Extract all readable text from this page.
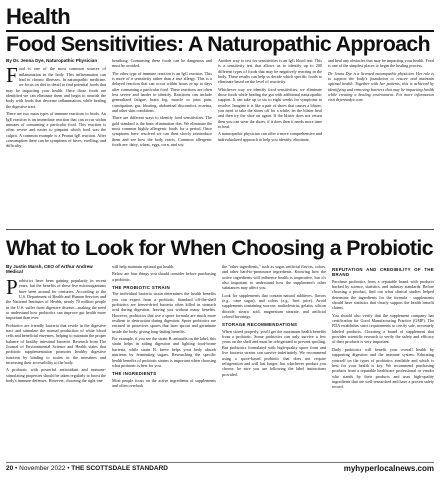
Health
Food Sensitivities: A Naturopathic Approach
By Dr. Jenna Dye, Naturopathic Physician

Food is one of the most common sources of inflammation in the body. This inflammation can lead to chronic illnesses. In naturopathic medicine, we focus on diet in detail to find potential foods that may be impacting your health. Once those foods are identified we can eliminate them and begin to nourish the body with foods that decrease inflammation, while healing the digestive tract.

There are two main types of immune reactions to foods. An IgE reaction is an immediate reaction that can occur within minutes of consuming a particular food. This reaction is often severe and easier to pinpoint which food was the culprit. A common example is a Peanut IgE reaction. After consumption there can be symptoms of hives, swelling, and difficulty

breathing. Consuming these foods can be dangerous and must be avoided.

The other type of immune reaction is an IgG reaction. This is more of a sensitivity rather than a true allergy. This is a delayed reaction that can occur within hours or up to days after consuming a particular food. These reactions are often less severe and harder to identify. Reactions can include generalized fatigue, brain fog, muscle or joint pain, constipation, gas, bloating, abdominal discomfort, eczema, and other skin conditions.

There are different ways to identify food sensitivities. The gold standard is the basic elimination diet. We eliminate the most common highly allergenic foods for a period. Once symptoms have resolved we can then slowly reintroduce them and see how the body reacts. Common allergenic foods are: dairy, wheat, eggs, corn, and soy.

Another way to test for sensitivities is an IgG blood test. This is a sensitivity test that allows us to identify up to 200 different types of foods that may be negatively reacting in the body. These results can help us decide which specific foods to eliminate based on the level of reactivity.

Whichever way we identify food sensitivities, we eliminate those foods while healing the gut with additional naturopathic support. It can take up to six to eight weeks for symptoms to resolve. Imagine it is like a pair of shoes that causes a blister; you need to take the shoes off for a while, let the blister heal and then try the shoe on again. If the blister does not return then you can wear the shoes, if it does then it needs more time to heal.

A naturopathic physician can offer a more comprehensive and individualized approach to help you identify, eliminate,

and heal any obstacles that may be impacting your health. Food is one of the simplest places to begin the healing process.

Dr. Jenna Dye is a licensed naturopathic physician. Her role is to support the body's foundation to restore and maintain optimal health. Together with her patients, this is achieved by identifying and removing barriers that may be impacting health while creating a healing environment. For more information visit drjennadye.com.

What to Look for When Choosing a Probiotic
By Justin Marsh, CEO of Arthur Andrew Medical

Probiotics have been gaining popularity in recent years, but the benefits of these live microorganisms have been around for centuries. According to the U.S. Department of Health and Human Services and the National Institutes of Health, nearly 70 million people in the U.S. suffer from digestive disease—making the need to understand how probiotics can improve gut health more important than ever.

Probiotics are friendly bacteria that reside in the digestive tract and stimulate the normal production of white blood cells and beneficial enzymes, helping to maintain the proper balance of healthy intestinal bacteria. Research from The Journal of Environmental Science and Health states that probiotic supplementation promotes healthy digestive function by binding to toxins in the intestines and increasing their accessibility to the body.

A probiotic with powerful antioxidant and immune-stimulating properties should be taken regularly to boost the body's immune defenses. However, choosing the right one

will help maintain optimal gut health.

Below are four things you should consider before purchasing a probiotic.

THE PROBIOTIC STRAIN

The individual bacteria strain determines the health benefits you can expect from a probiotic. Standard off-the-shelf probiotics are freeze-dried bacteria often killed in stomach acid during digestion, leaving you without many benefits. However, probiotics that use a spore formula are much more resilient to destruction during digestion. Spore probiotics are encased in protective spores that later sprout and germinate inside the body, giving long-lasting benefits.

For example, if you see the strain B. animalis on the label, this strain helps in aiding digestion and fighting food-borne bacteria, while strain B. breve helps your body absorb nutrients by fermenting sugars. Researching the specific health benefits of probiotic strains is important when choosing what probiotic is best for you.

THE INGREDIENTS

Most people focus on the active ingredients of supplements and often overlook

the "other ingredients," such as sugar, artificial flavors, colors, and other hard-to-pronounce ingredients. Knowing how the active ingredients will influence health is imperative, but it's also important to understand how the supplement's other substances may affect you.

Look for supplements that contain natural additives, flavors (e.g., cane sugar), and colors (e.g., beet juice). Avoid supplements containing sucrose, maltodextrin, gelatin, silicon dioxide, stearic acid, magnesium stearate, and artificial colors/flavorings.

STORAGE RECOMMENDATIONS

When stored properly, you'll get the maximum health benefits from a probiotic. Some probiotics can only survive a few years on the shelf and must be refrigerated to prevent spoiling. But probiotics formulated with high-quality spore form and live bacteria strains can survive indefinitely. We recommend using a spore-based probiotic that does not require refrigeration and will last longer, but whichever product you choose, be sure you are following the label instructions provided.

REPUTATION AND CREDIBILITY OF THE BRAND

Purchase probiotics from a reputable brand with products backed by science, statistics, and industry standards. Before choosing a product, find out what clinical studies helped determine the ingredients for the formula - supplements should have statistics that clearly support the health benefit claims.

You should also verify that the supplement company has certification for Good Manufacturing Practice (GMP). The FDA establishes strict requirements to certify safe, accurately labeled products. Choosing a brand of supplement that provides scientific research to verify the safety and efficacy of their products is very important.

Daily probiotics will benefit your overall health by supporting digestion and the immune system. Educating yourself on the types of probiotics available and which is best for your health is key. We recommend purchasing products from a reputable healthcare professional or vendor who stands by their products and uses high-quality ingredients that are well-researched and have a proven safety record.

20 • November 2022 • THE SCOTTSDALE STANDARD	myhyperlocalnews.com
